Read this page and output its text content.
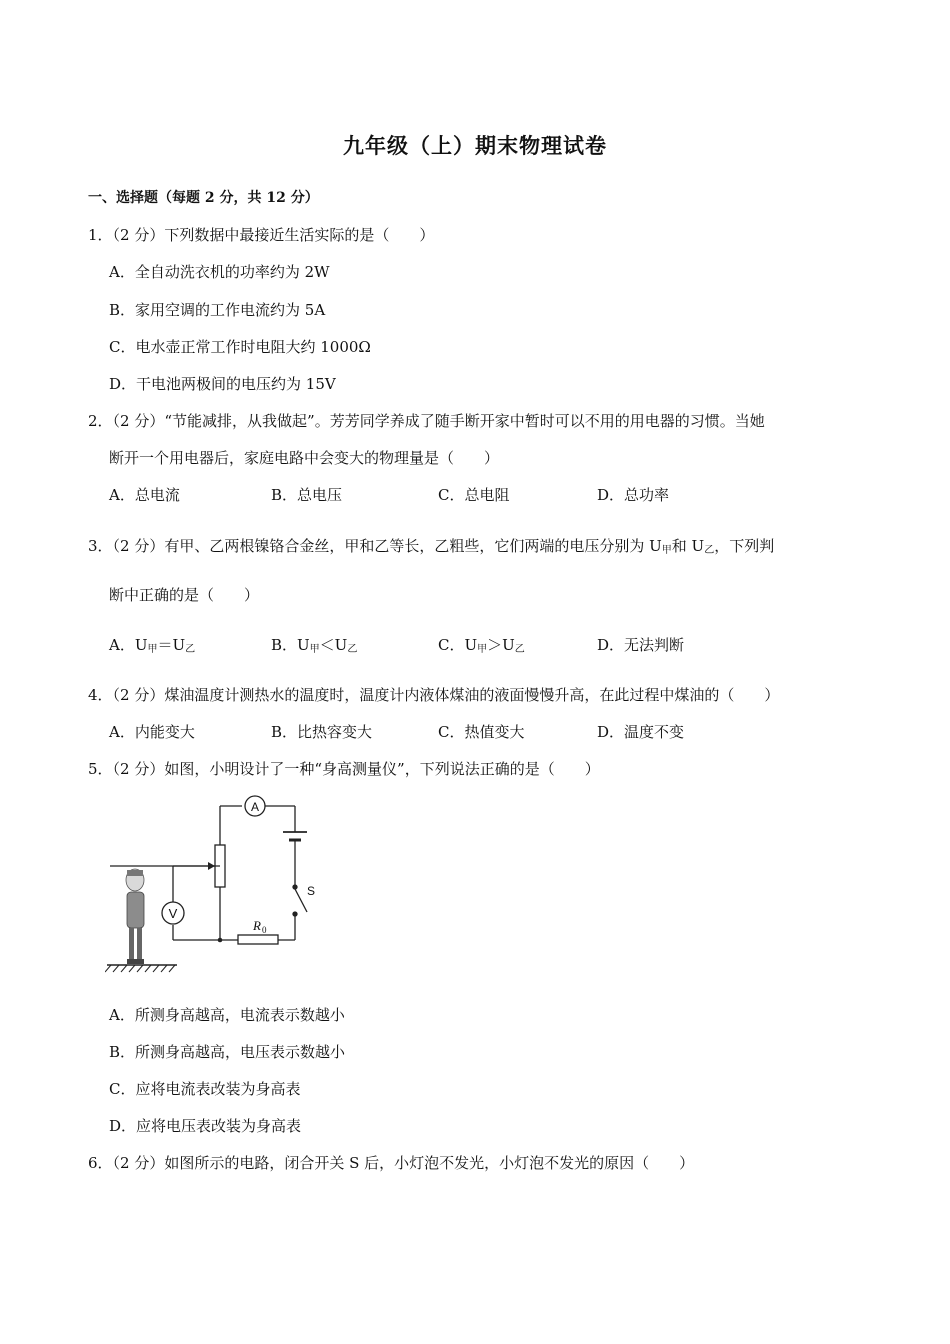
九年级（上）期末物理试卷
一、选择题（每题 2 分，共 12 分）
1．（2 分）下列数据中最接近生活实际的是（　　）
A．全自动洗衣机的功率约为 2W
B．家用空调的工作电流约为 5A
C．电水壶正常工作时电阻大约 1000Ω
D．干电池两极间的电压约为 15V
2．（2 分）“节能减排，从我做起”。芳芳同学养成了随手断开家中暂时可以不用的用电器的习惯。当她
断开一个用电器后，家庭电路中会变大的物理量是（　　）
A．总电流	B．总电压	C．总电阻	D．总功率
3．（2 分）有甲、乙两根镍铬合金丝，甲和乙等长，乙粗些，它们两端的电压分别为 $U_甲$和 $U_乙$，下列判
断中正确的是（　　）
A．$U_甲=U_乙$	B．$U_甲<U_乙$	C．$U_甲>U_乙$	D．无法判断
4．（2 分）煤油温度计测热水的温度时，温度计内液体煤油的液面慢慢升高，在此过程中煤油的（　　）
A．内能变大	B．比热容变大	C．热值变大	D．温度不变
5．（2 分）如图，小明设计了一种“身高测量仪”，下列说法正确的是（　　）
A
V
S
R 0
A．所测身高越高，电流表示数越小
B．所测身高越高，电压表示数越小
C．应将电流表改装为身高表
D．应将电压表改装为身高表
6．（2 分）如图所示的电路，闭合开关 S 后，小灯泡不发光，小灯泡不发光的原因（　　）
